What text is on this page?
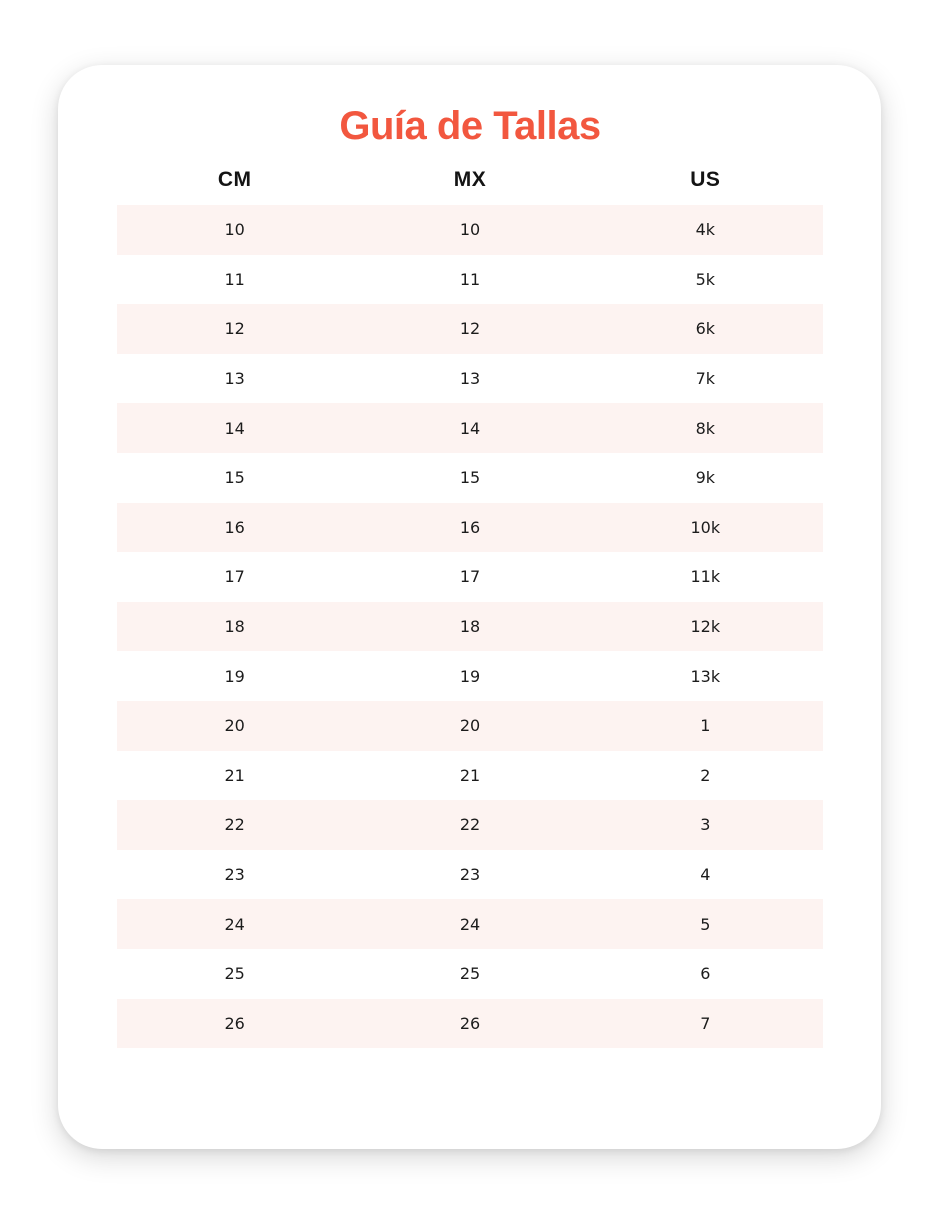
Guía de Tallas
CM	MX	US
10	10	4k
11	11	5k
12	12	6k
13	13	7k
14	14	8k
15	15	9k
16	16	10k
17	17	11k
18	18	12k
19	19	13k
20	20	1
21	21	2
22	22	3
23	23	4
24	24	5
25	25	6
26	26	7
